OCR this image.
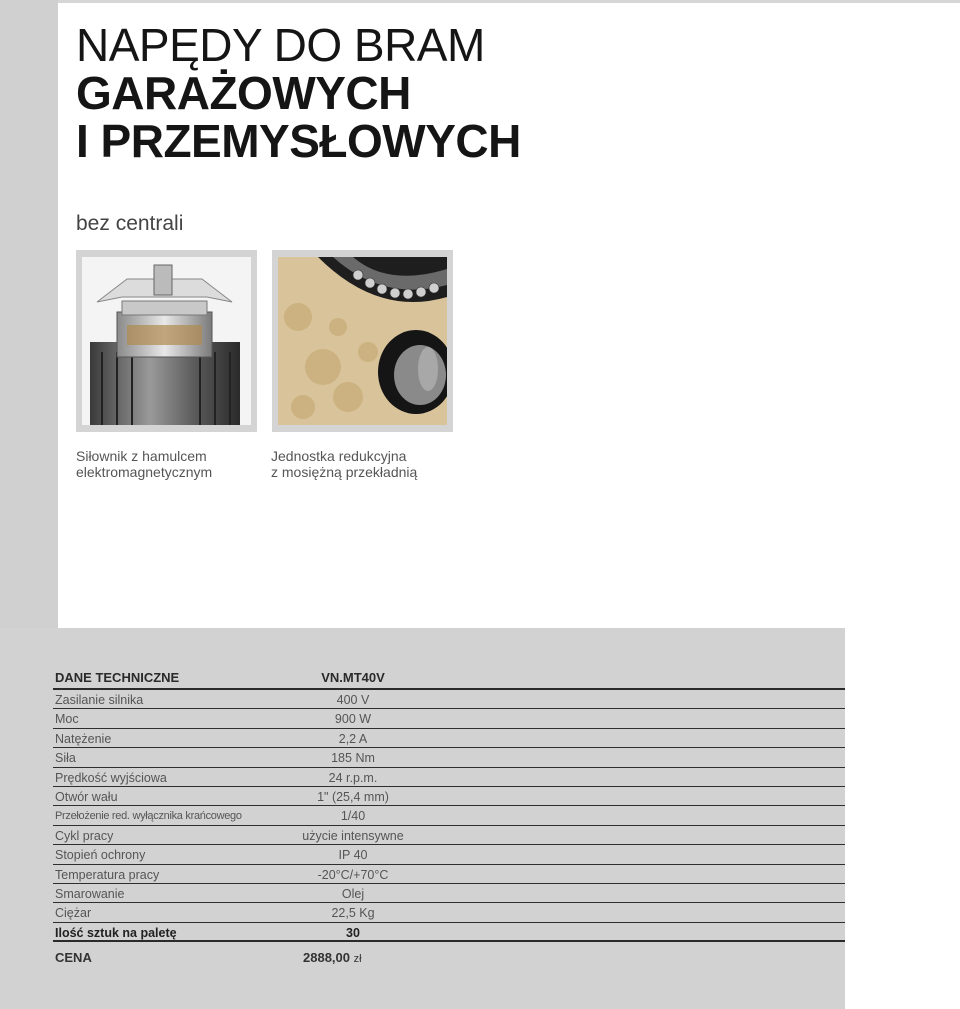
NAPĘDY DO BRAM
GARAŻOWYCH
I PRZEMYSŁOWYCH
bez centrali
Siłownik z hamulcem
elektromagnetycznym
Jednostka redukcyjna
z mosiężną przekładnią
DANE TECHNICZNE	VN.MT40V
Zasilanie silnika	400 V
Moc	900 W
Natężenie	2,2 A
Siła	185 Nm
Prędkość wyjściowa	24 r.p.m.
Otwór wału	1" (25,4 mm)
Przełożenie red. wyłącznika krańcowego	1/40
Cykl pracy	użycie intensywne
Stopień ochrony	IP 40
Temperatura pracy	-20°C/+70°C
Smarowanie	Olej
Ciężar	22,5 Kg
Ilość sztuk na paletę	30
CENA	2888,00 zł
